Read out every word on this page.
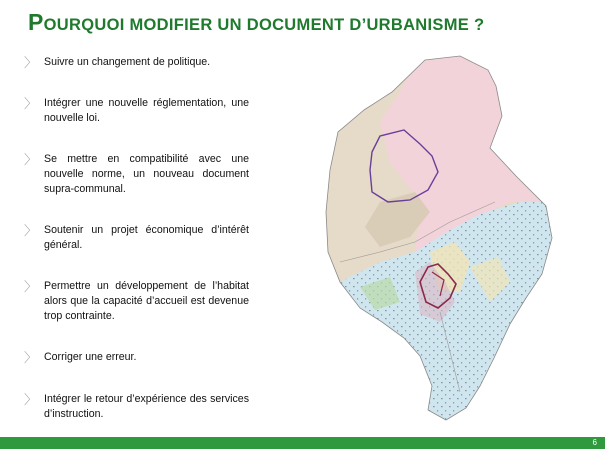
POURQUOI MODIFIER UN DOCUMENT D’URBANISME ?
〉 Suivre un changement de politique.
〉 Intégrer une nouvelle réglementation, une nouvelle loi.
〉 Se mettre en compatibilité avec une nouvelle norme, un nouveau document supra-communal.
〉 Soutenir un projet économique d’intérêt général.
〉 Permettre un développement de l’habitat alors que la capacité d’accueil est devenue trop contrainte.
〉 Corriger une erreur.
〉 Intégrer le retour d’expérience des services d’instruction.
6
